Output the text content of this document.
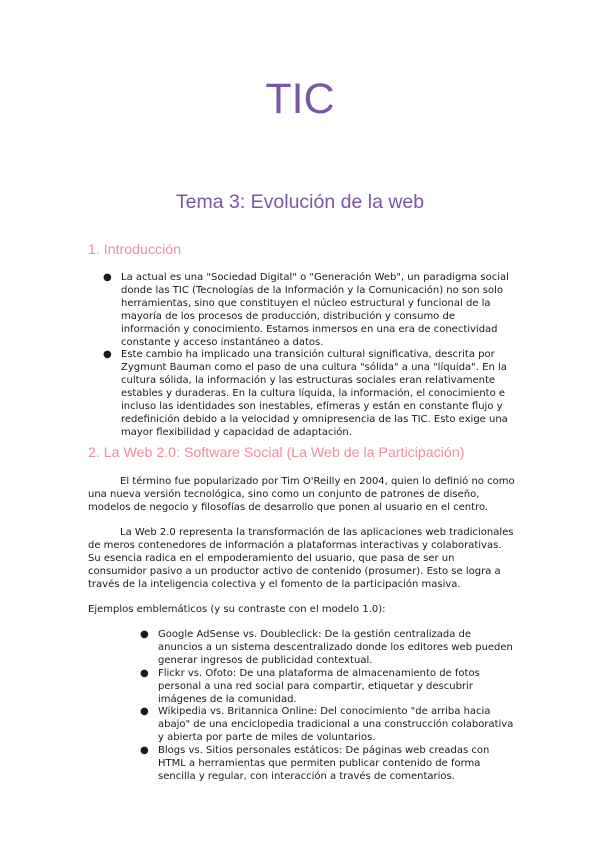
TIC
Tema 3: Evolución de la web
1. Introducción
● La actual es una "Sociedad Digital" o "Generación Web", un paradigma social donde las TIC (Tecnologías de la Información y la Comunicación) no son solo herramientas, sino que constituyen el núcleo estructural y funcional de la mayoría de los procesos de producción, distribución y consumo de información y conocimiento. Estamos inmersos en una era de conectividad constante y acceso instantáneo a datos.
● Este cambio ha implicado una transición cultural significativa, descrita por Zygmunt Bauman como el paso de una cultura "sólida" a una "líquida". En la cultura sólida, la información y las estructuras sociales eran relativamente estables y duraderas. En la cultura líquida, la información, el conocimiento e incluso las identidades son inestables, efímeras y están en constante flujo y redefinición debido a la velocidad y omnipresencia de las TIC. Esto exige una mayor flexibilidad y capacidad de adaptación.
2. La Web 2.0: Software Social (La Web de la Participación)

El término fue popularizado por Tim O'Reilly en 2004, quien lo definió no como una nueva versión tecnológica, sino como un conjunto de patrones de diseño, modelos de negocio y filosofías de desarrollo que ponen al usuario en el centro.

La Web 2.0 representa la transformación de las aplicaciones web tradicionales de meros contenedores de información a plataformas interactivas y colaborativas. Su esencia radica en el empoderamiento del usuario, que pasa de ser un consumidor pasivo a un productor activo de contenido (prosumer). Esto se logra a través de la inteligencia colectiva y el fomento de la participación masiva.

Ejemplos emblemáticos (y su contraste con el modelo 1.0):

● Google AdSense vs. Doubleclick: De la gestión centralizada de anuncios a un sistema descentralizado donde los editores web pueden generar ingresos de publicidad contextual.
● Flickr vs. Ofoto: De una plataforma de almacenamiento de fotos personal a una red social para compartir, etiquetar y descubrir imágenes de la comunidad.
● Wikipedia vs. Britannica Online: Del conocimiento "de arriba hacia abajo" de una enciclopedia tradicional a una construcción colaborativa y abierta por parte de miles de voluntarios.
● Blogs vs. Sitios personales estáticos: De páginas web creadas con HTML a herramientas que permiten publicar contenido de forma sencilla y regular, con interacción a través de comentarios.
